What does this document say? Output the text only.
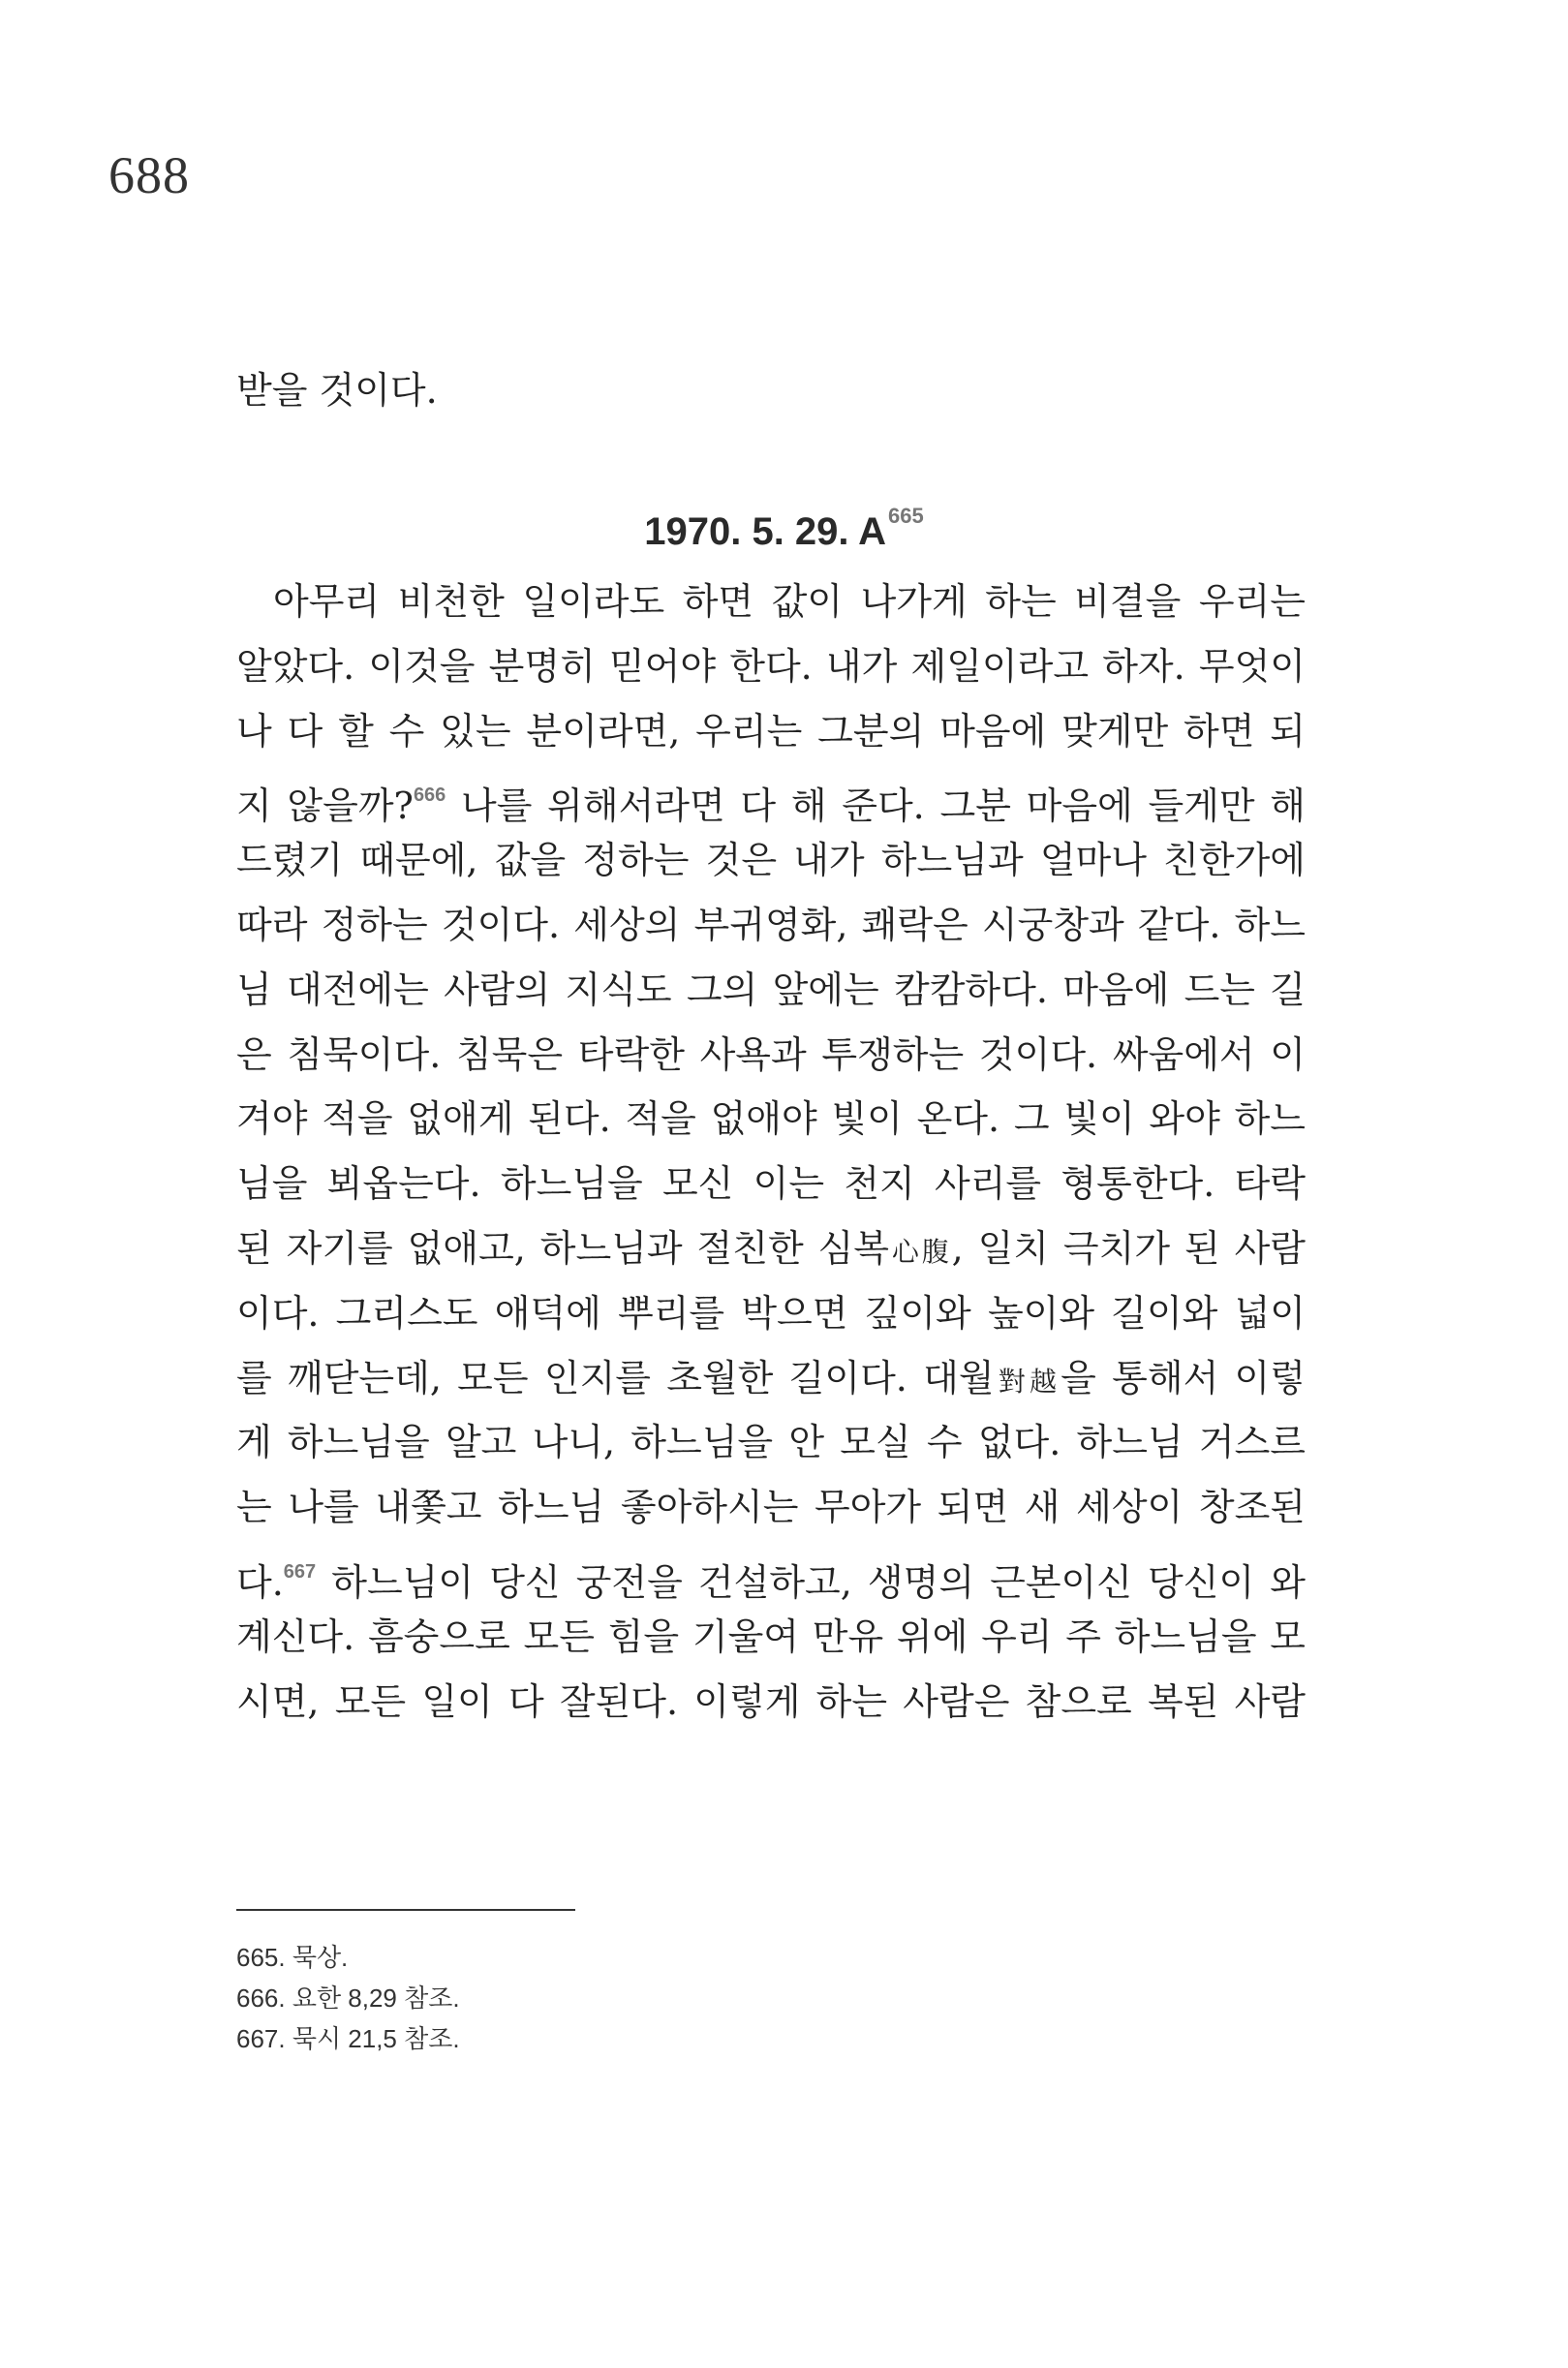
688

받을 것이다.

1970. 5. 29. $A^{665}$
아무리 비천한 일이라도 하면 값이 나가게 하는 비결을 우리는
알았다. 이것을 분명히 믿어야 한다. 내가 제일이라고 하자. 무엇이
나 다 할 수 있는 분이라면, 우리는 그분의 마음에 맞게만 하면 되
지 않을까?$^{666}$ 나를 위해서라면 다 해 준다. 그분 마음에 들게만 해
드렸기 때문에, 값을 정하는 것은 내가 하느님과 얼마나 친한가에
따라 정하는 것이다. 세상의 부귀영화, 쾌락은 시궁창과 같다. 하느
님 대전에는 사람의 지식도 그의 앞에는 캄캄하다. 마음에 드는 길
은 침묵이다. 침묵은 타락한 사욕과 투쟁하는 것이다. 싸움에서 이
겨야 적을 없애게 된다. 적을 없애야 빛이 온다. 그 빛이 와야 하느
님을 뵈옵는다. 하느님을 모신 이는 천지 사리를 형통한다. 타락
된 자기를 없애고, 하느님과 절친한 심복心腹, 일치 극치가 된 사람
이다. 그리스도 애덕에 뿌리를 박으면 깊이와 높이와 길이와 넓이
를 깨닫는데, 모든 인지를 초월한 길이다. 대월對越을 통해서 이렇
게 하느님을 알고 나니, 하느님을 안 모실 수 없다. 하느님 거스르
는 나를 내쫓고 하느님 좋아하시는 무아가 되면 새 세상이 창조된
다.$^{667}$ 하느님이 당신 궁전을 건설하고, 생명의 근본이신 당신이 와
계신다. 흠숭으로 모든 힘을 기울여 만유 위에 우리 주 하느님을 모
시면, 모든 일이 다 잘된다. 이렇게 하는 사람은 참으로 복된 사람
665. 묵상.
666. 요한 8,29 참조.
667. 묵시 21,5 참조.
